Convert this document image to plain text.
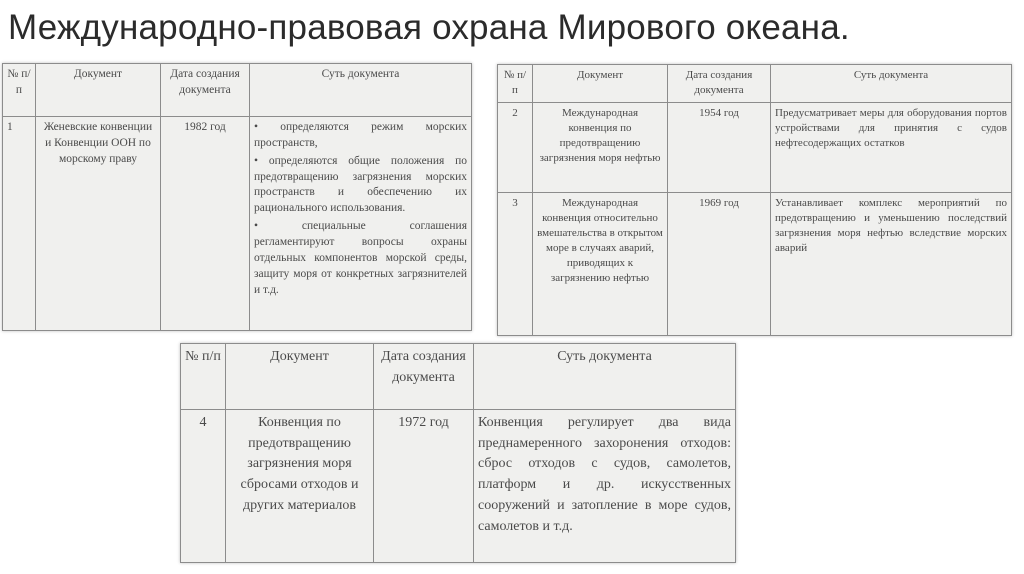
Международно-правовая охрана Мирового океана.
№ п/п	Документ	Дата создания документа	Суть документа
1	Женевские конвенции и Конвенции ООН по морскому праву	1982 год	• определяются режим морских пространств,
• определяются общие положения по предотвращению загрязнения морских пространств и обеспечению их рационального использования.
• специальные соглашения регламентируют вопросы охраны отдельных компонентов морской среды, защиту моря от конкретных загрязнителей и т.д.
№ п/п	Документ	Дата создания документа	Суть документа
2	Международная конвенция по предотвращению загрязнения моря нефтью	1954 год	Предусматривает меры для оборудования портов устройствами для принятия с судов нефтесодержащих остатков
3	Международная конвенция относительно вмешательства в открытом море в случаях аварий, приводящих к загрязнению нефтью	1969 год	Устанавливает комплекс мероприятий по предотвращению и уменьшению последствий загрязнения моря нефтью вследствие морских аварий
№ п/п	Документ	Дата создания документа	Суть документа
4	Конвенция по предотвращению загрязнения моря сбросами отходов и других материалов	1972 год	Конвенция регулирует два вида преднамеренного захоронения отходов: сброс отходов с судов, самолетов, платформ и др. искусственных сооружений и затопление в море судов, самолетов и т.д.
